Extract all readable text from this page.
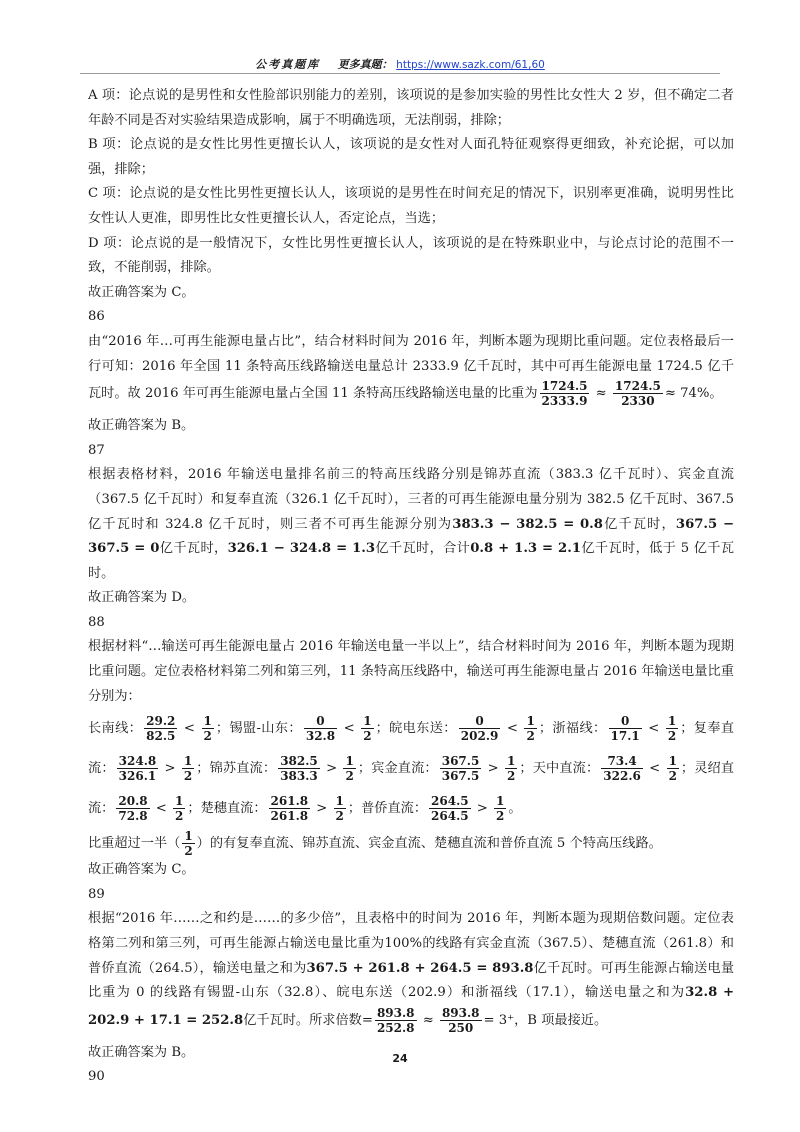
公考真题库 更多真题： https://www.sazk.com/61,60

A 项：论点说的是男性和女性脸部识别能力的差别，该项说的是参加实验的男性比女性大 2 岁，但不确定二者年龄不同是否对实验结果造成影响，属于不明确选项，无法削弱，排除；

B 项：论点说的是女性比男性更擅长认人，该项说的是女性对人面孔特征观察得更细致，补充论据，可以加强，排除；

C 项：论点说的是女性比男性更擅长认人，该项说的是男性在时间充足的情况下，识别率更准确，说明男性比女性认人更准，即男性比女性更擅长认人，否定论点，当选；

D 项：论点说的是一般情况下，女性比男性更擅长认人，该项说的是在特殊职业中，与论点讨论的范围不一致，不能削弱，排除。

故正确答案为 C。

86

由“2016 年…可再生能源电量占比”，结合材料时间为 2016 年，判断本题为现期比重问题。定位表格最后一行可知：2016 年全国 11 条特高压线路输送电量总计 2333.9 亿千瓦时，其中可再生能源电量 1724.5 亿千瓦时。故 2016 年可再生能源电量占全国 11 条特高压线路输送电量的比重为 $\frac{1724.5}{2333.9} \approx \frac{1724.5}{2330} \approx 74\%$。

故正确答案为 B。

87

根据表格材料，2016 年输送电量排名前三的特高压线路分别是锦苏直流（383.3 亿千瓦时）、宾金直流（367.5 亿千瓦时）和复奉直流（326.1 亿千瓦时），三者的可再生能源电量分别为 382.5 亿千瓦时、367.5 亿千瓦时和 324.8 亿千瓦时，则三者不可再生能源分别为383.3 − 382.5 = 0.8亿千瓦时，367.5 − 367.5 = 0亿千瓦时，326.1 − 324.8 = 1.3亿千瓦时，合计0.8 + 1.3 = 2.1亿千瓦时，低于 5 亿千瓦时。

故正确答案为 D。

88

根据材料“…输送可再生能源电量占 2016 年输送电量一半以上”，结合材料时间为 2016 年，判断本题为现期比重问题。定位表格材料第二列和第三列，11 条特高压线路中，输送可再生能源电量占 2016 年输送电量比重分别为：

长南线： $\frac{29.2}{82.5} < \frac{1}{2}$ ；锡盟-山东： $\frac{0}{32.8} < \frac{1}{2}$ ；皖电东送： $\frac{0}{202.9} < \frac{1}{2}$ ；浙福线： $\frac{0}{17.1} < \frac{1}{2}$ ；复奉直流： $\frac{324.8}{326.1} > \frac{1}{2}$ ；锦苏直流： $\frac{382.5}{383.3} > \frac{1}{2}$ ；宾金直流： $\frac{367.5}{367.5} > \frac{1}{2}$ ；天中直流： $\frac{73.4}{322.6} < \frac{1}{2}$ ；灵绍直流： $\frac{20.8}{72.8} < \frac{1}{2}$ ；楚穗直流： $\frac{261.8}{261.8} > \frac{1}{2}$ ；普侨直流： $\frac{264.5}{264.5} > \frac{1}{2}$ 。

比重超过一半（ $\frac{1}{2}$ ）的有复奉直流、锦苏直流、宾金直流、楚穗直流和普侨直流 5 个特高压线路。

故正确答案为 C。

89

根据“2016 年……之和约是……的多少倍”，且表格中的时间为 2016 年，判断本题为现期倍数问题。定位表格第二列和第三列，可再生能源占输送电量比重为100%的线路有宾金直流（367.5）、楚穗直流（261.8）和普侨直流（264.5），输送电量之和为367.5 + 261.8 + 264.5 = 893.8亿千瓦时。可再生能源占输送电量比重为 0 的线路有锡盟-山东（32.8）、皖电东送（202.9）和浙福线（17.1），输送电量之和为32.8 + 202.9 + 17.1 = 252.8亿千瓦时。所求倍数= $\frac{893.8}{252.8} \approx \frac{893.8}{250} = 3^+$，B 项最接近。

故正确答案为 B。

90

24
